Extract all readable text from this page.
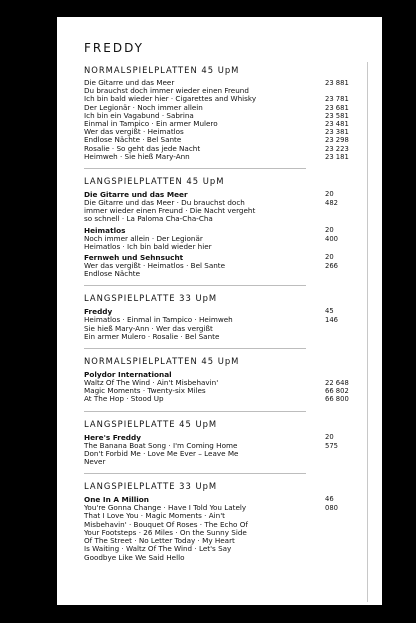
FREDDY
NORMALSPIELPLATTEN 45 UpM
Die Gitarre und das Meer	23 881
Du brauchst doch immer wieder einen Freund
Ich bin bald wieder hier · Cigarettes and Whisky	23 781
Der Legionär · Noch immer allein	23 681
Ich bin ein Vagabund · Sabrina	23 581
Einmal in Tampico · Ein armer Mulero	23 481
Wer das vergißt · Heimatlos	23 381
Endlose Nächte · Bel Sante	23 298
Rosalie · So geht das jede Nacht	23 223
Heimweh · Sie hieß Mary-Ann	23 181
LANGSPIELPLATTEN 45 UpM
Die Gitarre und das Meer	20 482
Die Gitarre und das Meer · Du brauchst doch
immer wieder einen Freund · Die Nacht vergeht
so schnell · La Paloma Cha-Cha-Cha
Heimatlos	20 400
Noch immer allein · Der Legionär
Heimatlos · Ich bin bald wieder hier
Fernweh und Sehnsucht	20 266
Wer das vergißt · Heimatlos · Bel Sante
Endlose Nächte
LANGSPIELPLATTE 33 UpM
Freddy	45 146
Heimatlos · Einmal in Tampico · Heimweh
Sie hieß Mary-Ann · Wer das vergißt
Ein armer Mulero · Rosalie · Bel Sante
NORMALSPIELPLATTEN 45 UpM
Polydor International
Waltz Of The Wind · Ain't Misbehavin'	22 648
Magic Moments · Twenty-six Miles	66 802
At The Hop · Stood Up	66 800
LANGSPIELPLATTE 45 UpM
Here's Freddy	20 575
The Banana Boat Song · I'm Coming Home
Don't Forbid Me · Love Me Ever – Leave Me
Never
LANGSPIELPLATTE 33 UpM
One In A Million	46 080
You're Gonna Change · Have I Told You Lately
That I Love You · Magic Moments · Ain't
Misbehavin' · Bouquet Of Roses · The Echo Of
Your Footsteps · 26 Miles · On the Sunny Side
Of The Street · No Letter Today · My Heart
Is Waiting · Waltz Of The Wind · Let's Say
Goodbye Like We Said Hello
